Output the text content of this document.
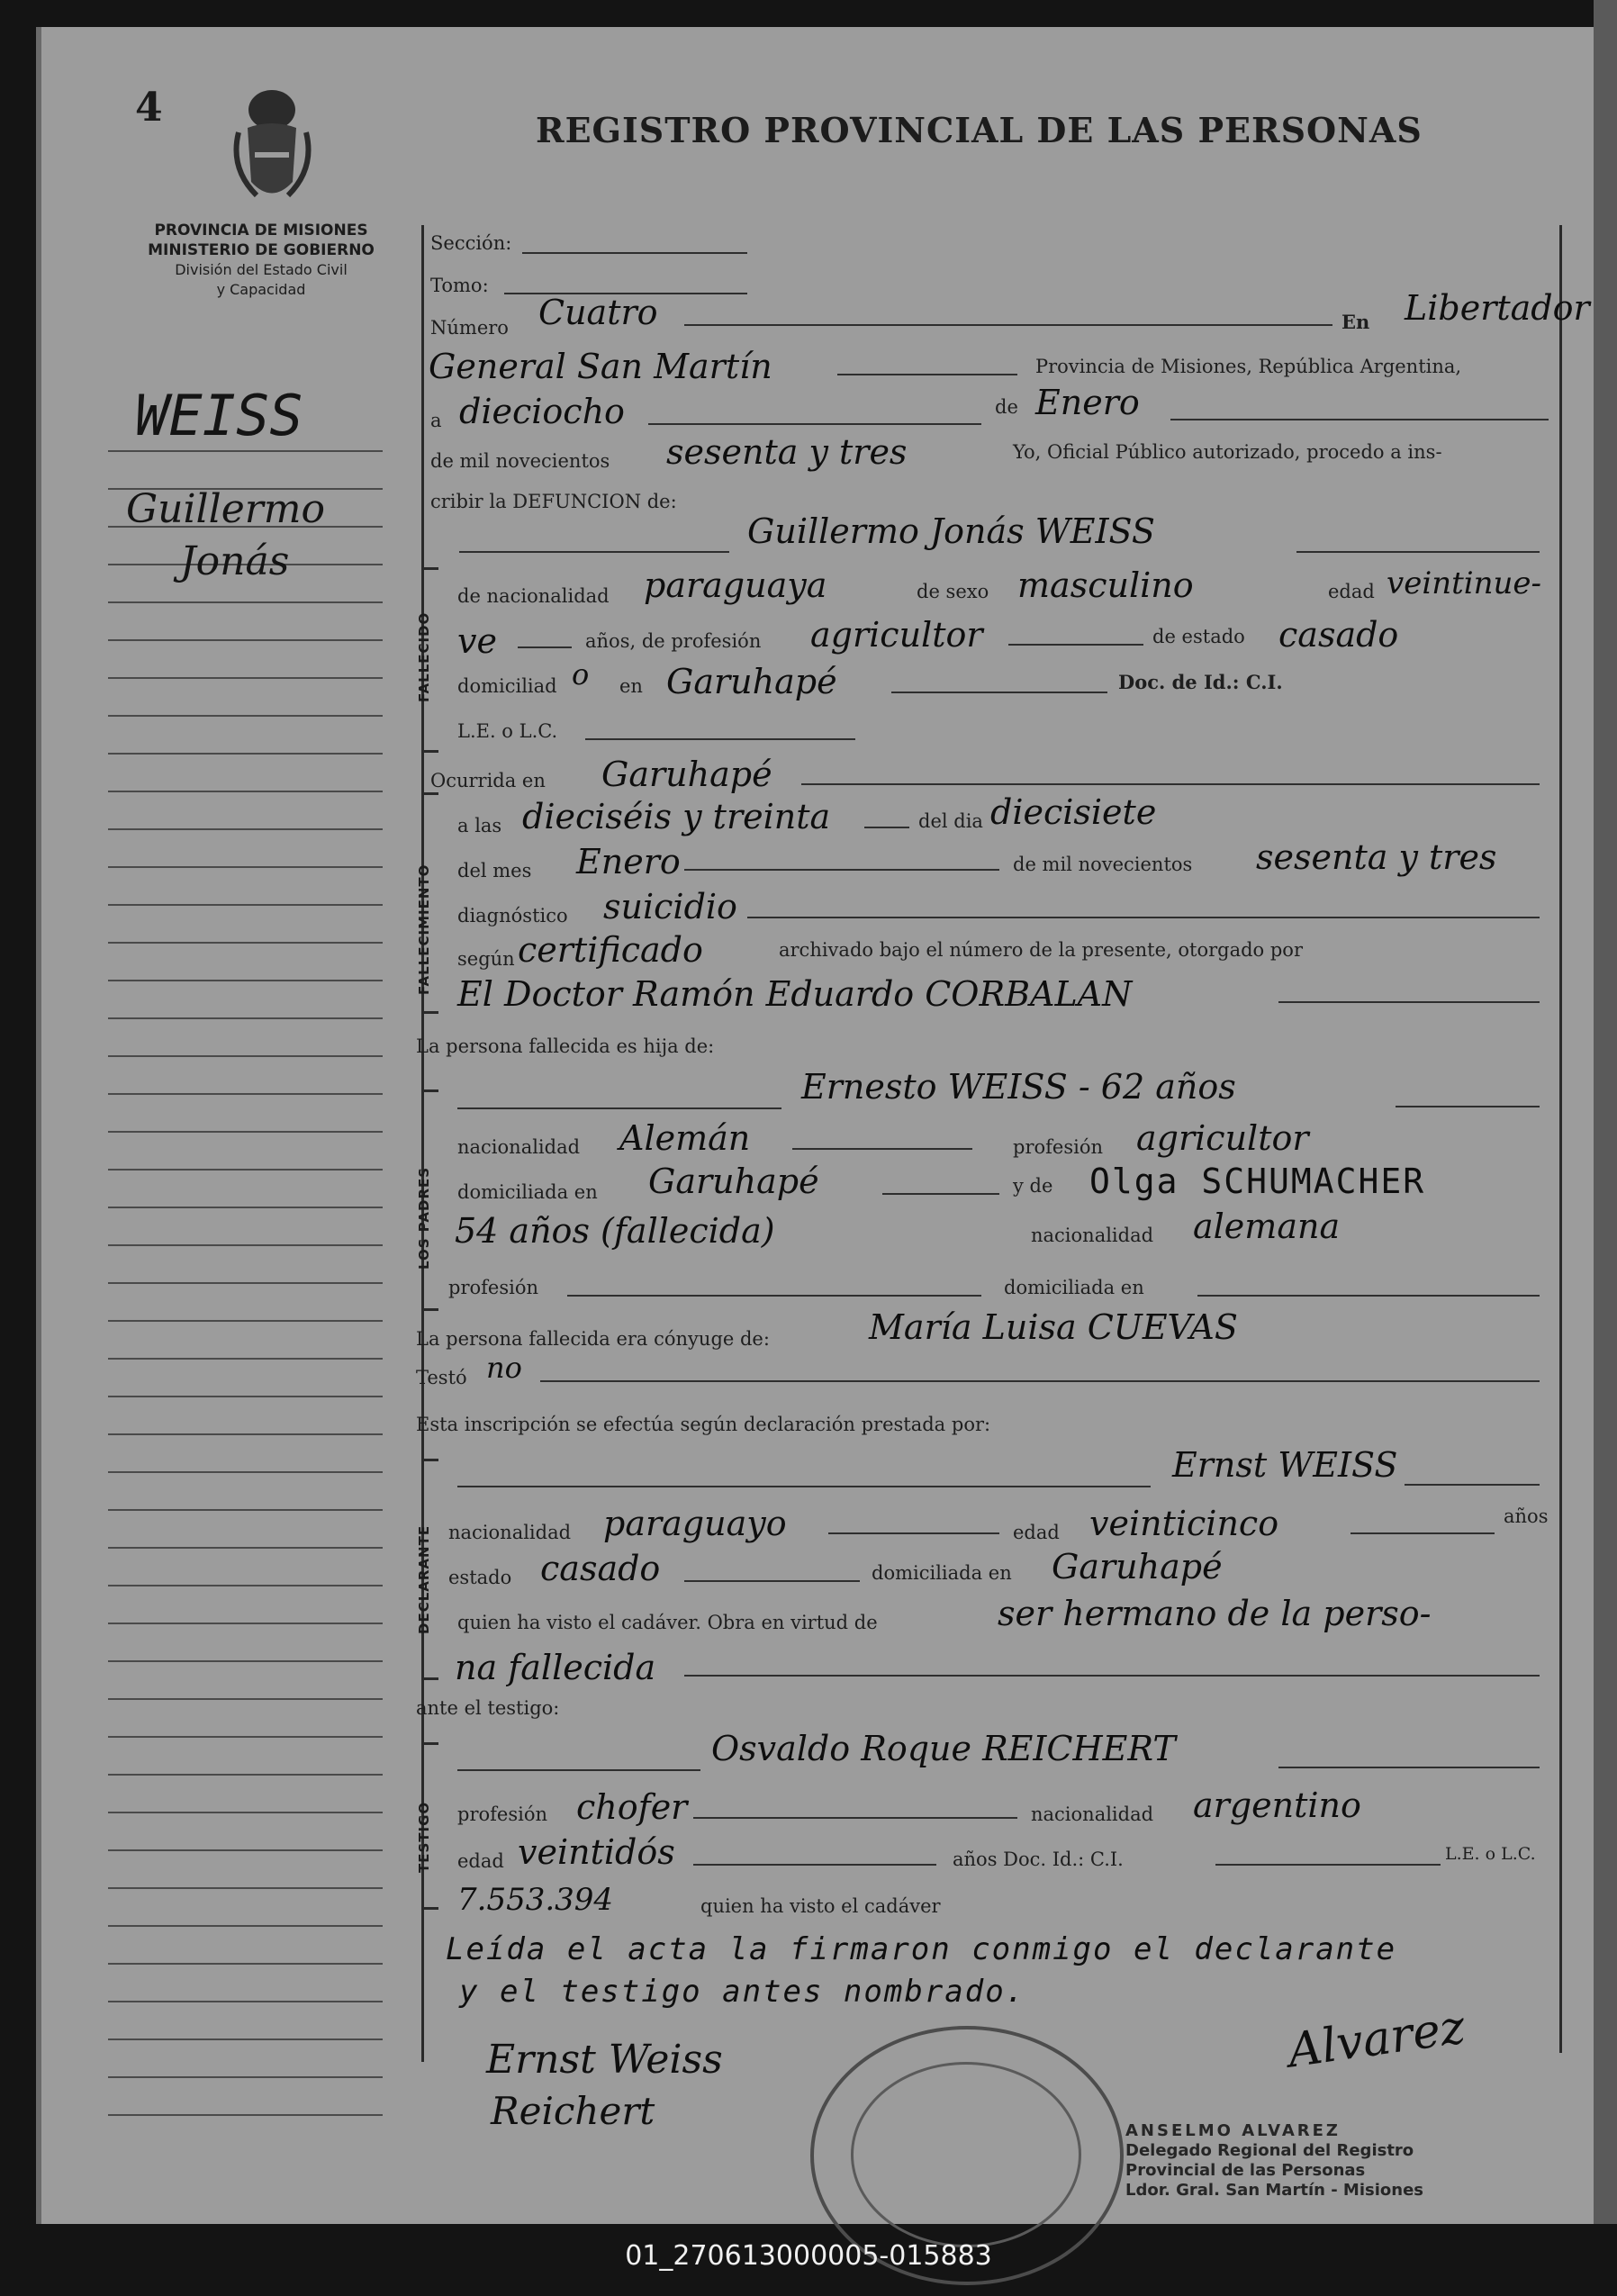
4	REGISTRO PROVINCIAL DE LAS PERSONAS
PROVINCIA DE MISIONES
MINISTERIO DE GOBIERNO
División del Estado Civil
y Capacidad
WEISS
Guillermo
Jonás
FALLECIDO
FALLECIMIENTO
LOS PADRES
DECLARANTE
TESTIGO
Sección:
Tomo:
Número Cuatro	En Libertador
General San Martín	Provincia de Misiones, República Argentina,
a dieciocho	de Enero
de mil novecientos sesenta y tres	Yo, Oficial Público autorizado, procedo a ins-
cribir la DEFUNCION de:
Guillermo Jonás WEISS
de nacionalidad paraguaya	de sexo masculino	edad veintinue-
ve	años, de profesión agricultor	de estado casado
domiciliad o en Garuhapé	Doc. de Id.: C.I.
L.E. o L.C.
Ocurrida en Garuhapé
a las dieciséis y treinta	del dia diecisiete
del mes Enero	de mil novecientos sesenta y tres
diagnóstico suicidio
según certificado	archivado bajo el número de la presente, otorgado por
El Doctor Ramón Eduardo CORBALAN
La persona fallecida es hija de:
Ernesto WEISS - 62 años
nacionalidad Alemán	profesión agricultor
domiciliada en Garuhapé	y de Olga SCHUMACHER
54 años (fallecida)	nacionalidad alemana
profesión	domiciliada en
La persona fallecida era cónyuge de:	María Luisa CUEVAS
Testó no
Esta inscripción se efectúa según declaración prestada por:
Ernst WEISS
nacionalidad paraguayo	edad veinticinco	años
estado casado	domiciliada en Garuhapé
quien ha visto el cadáver. Obra en virtud de	ser hermano de la perso-
na fallecida
ante el testigo:
Osvaldo Roque REICHERT
profesión chofer	nacionalidad argentino
edad veintidós	años Doc. Id.: C.I.	L.E. o L.C.
7.553.394	quien ha visto el cadáver
Leída el acta la firmaron conmigo el declarante
y el testigo antes nombrado.
Ernst Weiss
Reichert
Alvarez
ANSELMO ALVAREZ
Delegado Regional del Registro
Provincial de las Personas
Ldor. Gral. San Martín - Misiones
01_270613000005-015883
